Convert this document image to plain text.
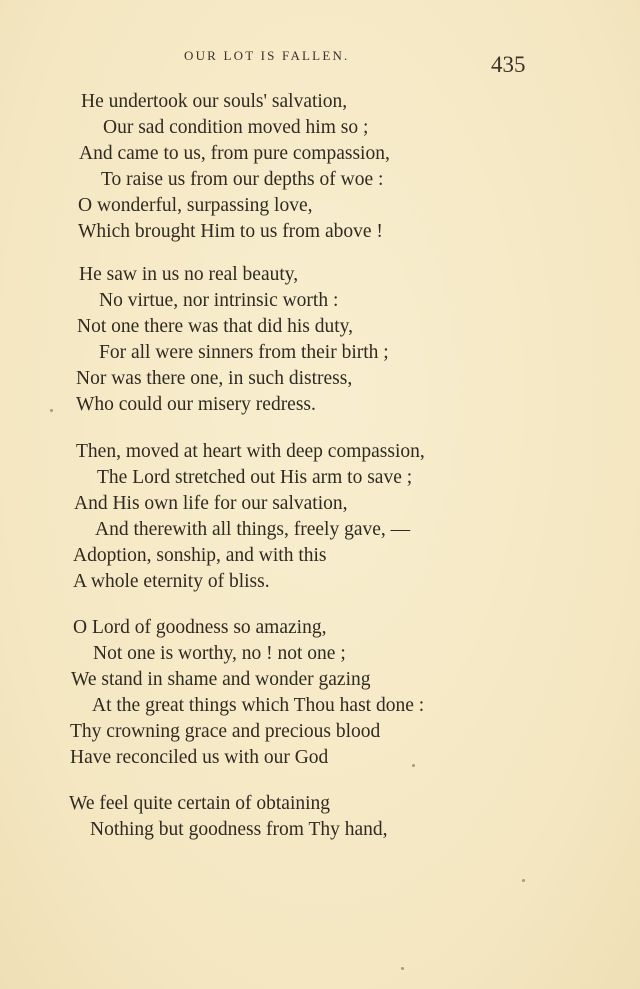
OUR LOT IS FALLEN.	435
He undertook our souls' salvation,
Our sad condition moved him so ;
And came to us, from pure compassion,
To raise us from our depths of woe :
O wonderful, surpassing love,
Which brought Him to us from above !
He saw in us no real beauty,
No virtue, nor intrinsic worth :
Not one there was that did his duty,
For all were sinners from their birth ;
Nor was there one, in such distress,
Who could our misery redress.
Then, moved at heart with deep compassion,
The Lord stretched out His arm to save ;
And His own life for our salvation,
And therewith all things, freely gave, —
Adoption, sonship, and with this
A whole eternity of bliss.
O Lord of goodness so amazing,
Not one is worthy, no ! not one ;
We stand in shame and wonder gazing
At the great things which Thou hast done :
Thy crowning grace and precious blood
Have reconciled us with our God
We feel quite certain of obtaining
Nothing but goodness from Thy hand,
